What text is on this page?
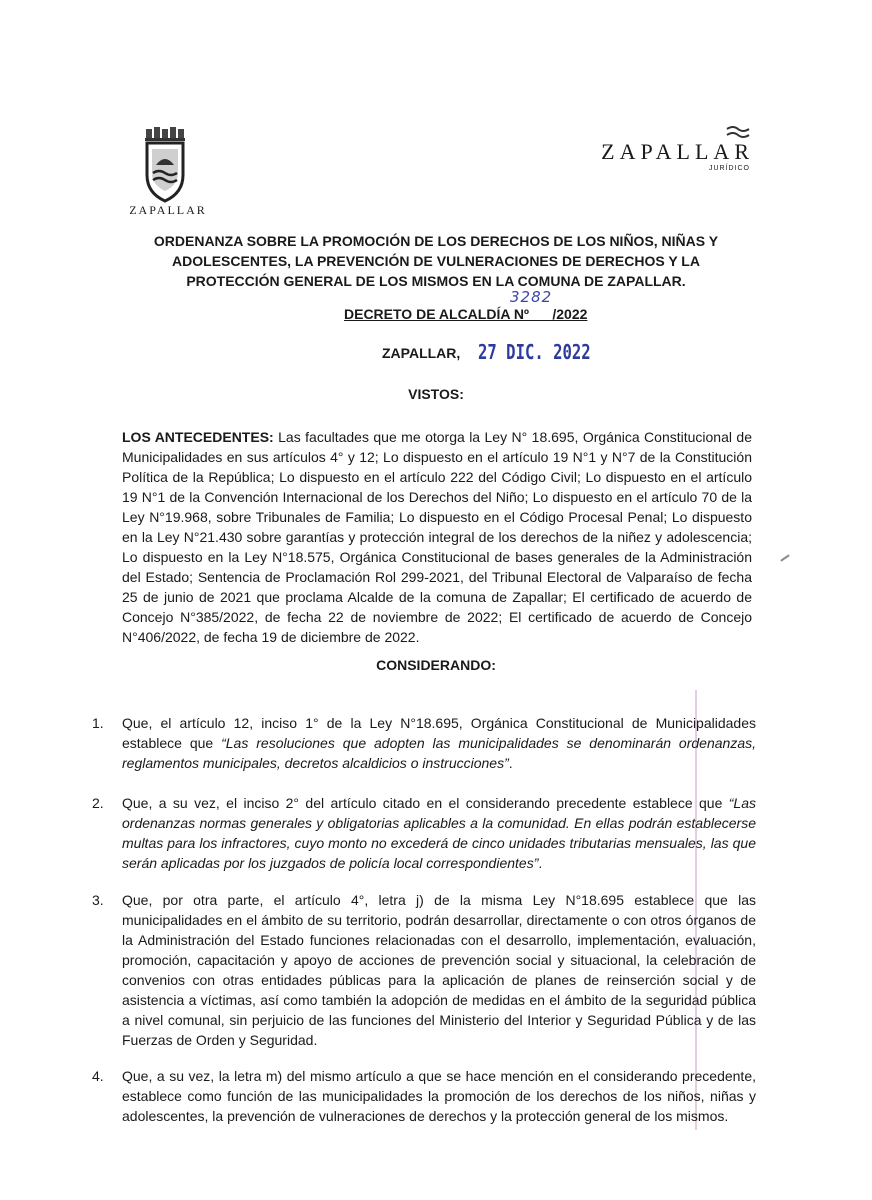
ZAPALLAR
ZAPALLAR
JURÍDICO
ORDENANZA SOBRE LA PROMOCIÓN DE LOS DERECHOS DE LOS NIÑOS, NIÑAS Y
ADOLESCENTES, LA PREVENCIÓN DE VULNERACIONES DE DERECHOS Y LA
PROTECCIÓN GENERAL DE LOS MISMOS EN LA COMUNA DE ZAPALLAR.
3282
DECRETO DE ALCALDÍA Nº      /2022
ZAPALLAR, 27 DIC. 2022
VISTOS:
LOS ANTECEDENTES: Las facultades que me otorga la Ley N° 18.695, Orgánica Constitucional de Municipalidades en sus artículos 4° y 12; Lo dispuesto en el artículo 19 N°1 y N°7 de la Constitución Política de la República; Lo dispuesto en el artículo 222 del Código Civil; Lo dispuesto en el artículo 19 N°1 de la Convención Internacional de los Derechos del Niño; Lo dispuesto en el artículo 70 de la Ley N°19.968, sobre Tribunales de Familia; Lo dispuesto en el Código Procesal Penal; Lo dispuesto en la Ley N°21.430 sobre garantías y protección integral de los derechos de la niñez y adolescencia; Lo dispuesto en la Ley N°18.575, Orgánica Constitucional de bases generales de la Administración del Estado; Sentencia de Proclamación Rol 299-2021, del Tribunal Electoral de Valparaíso de fecha 25 de junio de 2021 que proclama Alcalde de la comuna de Zapallar; El certificado de acuerdo de Concejo N°385/2022, de fecha 22 de noviembre de 2022; El certificado de acuerdo de Concejo N°406/2022, de fecha 19 de diciembre de 2022.
CONSIDERANDO:
1.	Que, el artículo 12, inciso 1° de la Ley N°18.695, Orgánica Constitucional de Municipalidades establece que “Las resoluciones que adopten las municipalidades se denominarán ordenanzas, reglamentos municipales, decretos alcaldicios o instrucciones”.
2.	Que, a su vez, el inciso 2° del artículo citado en el considerando precedente establece que “Las ordenanzas normas generales y obligatorias aplicables a la comunidad. En ellas podrán establecerse multas para los infractores, cuyo monto no excederá de cinco unidades tributarias mensuales, las que serán aplicadas por los juzgados de policía local correspondientes”.
3.	Que, por otra parte, el artículo 4°, letra j) de la misma Ley N°18.695 establece que las municipalidades en el ámbito de su territorio, podrán desarrollar, directamente o con otros órganos de la Administración del Estado funciones relacionadas con el desarrollo, implementación, evaluación, promoción, capacitación y apoyo de acciones de prevención social y situacional, la celebración de convenios con otras entidades públicas para la aplicación de planes de reinserción social y de asistencia a víctimas, así como también la adopción de medidas en el ámbito de la seguridad pública a nivel comunal, sin perjuicio de las funciones del Ministerio del Interior y Seguridad Pública y de las Fuerzas de Orden y Seguridad.
4.	Que, a su vez, la letra m) del mismo artículo a que se hace mención en el considerando precedente, establece como función de las municipalidades la promoción de los derechos de los niños, niñas y adolescentes, la prevención de vulneraciones de derechos y la protección general de los mismos.
